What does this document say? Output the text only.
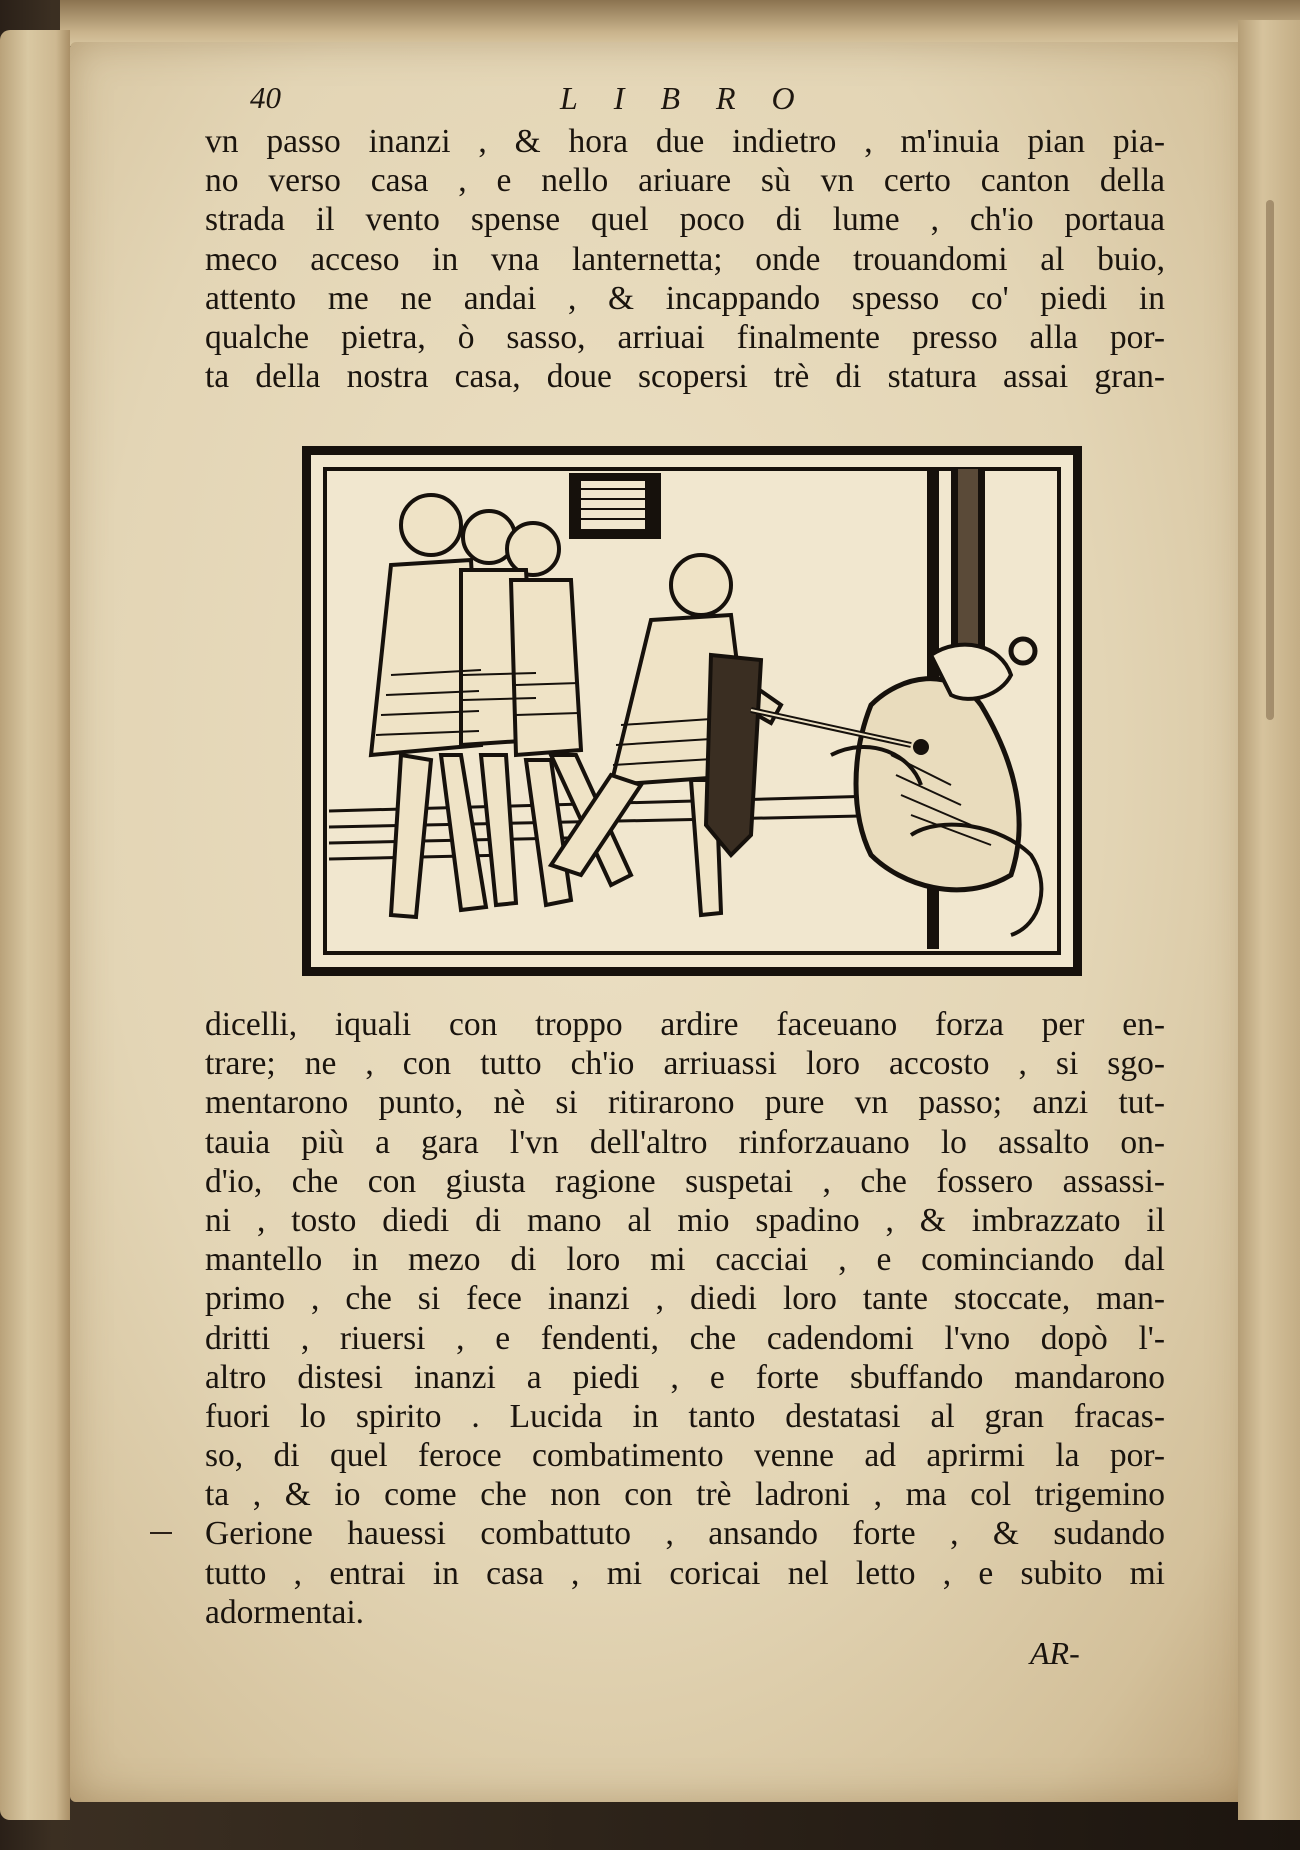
40	LIBRO
vn passo inanzi , & hora due indietro , m'inuia pian pia-
no verso casa , e nello ariuare sù vn certo canton della
strada il vento spense quel poco di lume , ch'io portaua
meco acceso in vna lanternetta; onde trouandomi al buio,
attento me ne andai , & incappando spesso co' piedi in
qualche pietra, ò sasso, arriuai finalmente presso alla por-
ta della nostra casa, doue scopersi trè di statura assai gran-
dicelli, iquali con troppo ardire faceuano forza per en-
trare; ne , con tutto ch'io arriuassi loro accosto , si sgo-
mentarono punto, nè si ritirarono pure vn passo; anzi tut-
tauia più a gara l'vn dell'altro rinforzauano lo assalto on-
d'io, che con giusta ragione suspetai , che fossero assassi-
ni , tosto diedi di mano al mio spadino , & imbrazzato il
mantello in mezo di loro mi cacciai , e cominciando dal
primo , che si fece inanzi , diedi loro tante stoccate, man-
dritti , riuersi , e fendenti, che cadendomi l'vno dopò l'-
altro distesi inanzi a piedi , e forte sbuffando mandarono
fuori lo spirito . Lucida in tanto destatasi al gran fracas-
so, di quel feroce combatimento venne ad aprirmi la por-
ta , & io come che non con trè ladroni , ma col trigemino
Gerione hauessi combattuto , ansando forte , & sudando
tutto , entrai in casa , mi coricai nel letto , e subito mi
adormentai.
AR-
